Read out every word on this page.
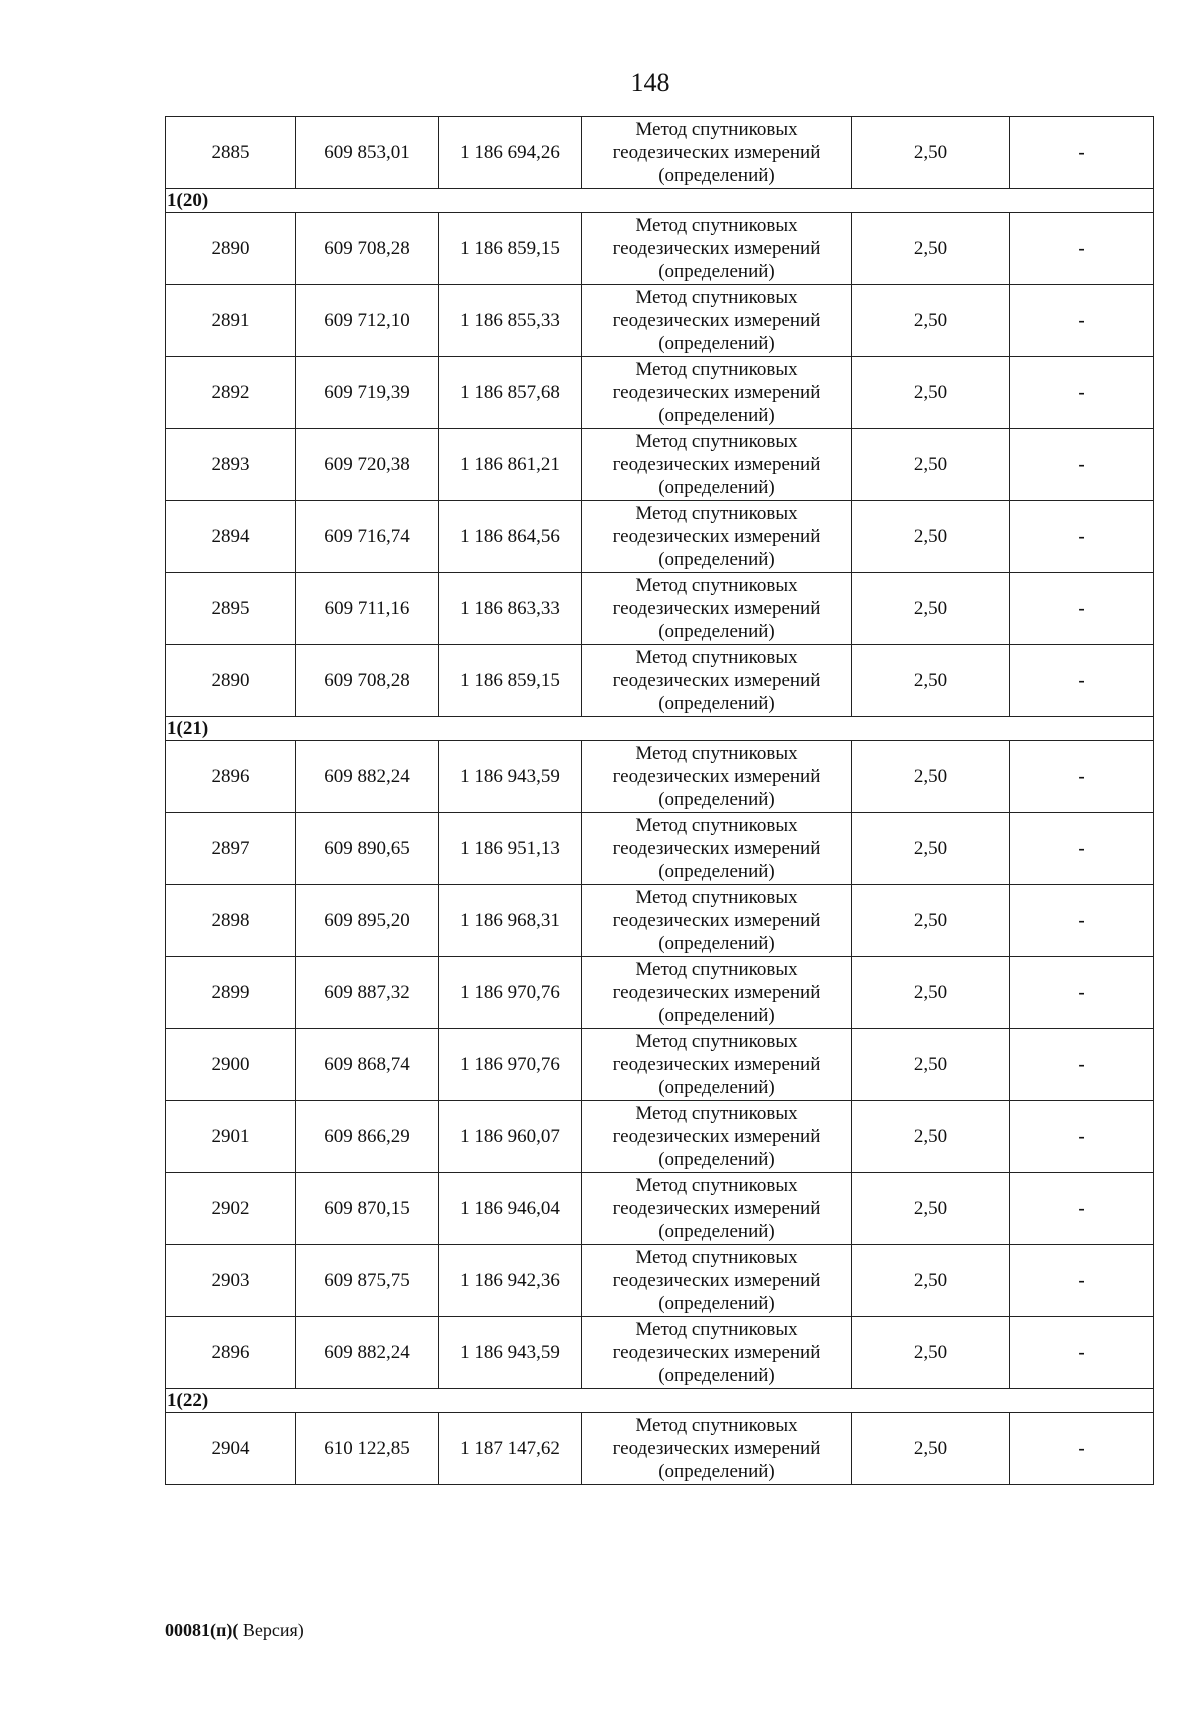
148
2885	609 853,01	1 186 694,26	Метод спутниковых
геодезических измерений
(определений)	2,50	-
1(20)					
2890	609 708,28	1 186 859,15	Метод спутниковых
геодезических измерений
(определений)	2,50	-
2891	609 712,10	1 186 855,33	Метод спутниковых
геодезических измерений
(определений)	2,50	-
2892	609 719,39	1 186 857,68	Метод спутниковых
геодезических измерений
(определений)	2,50	-
2893	609 720,38	1 186 861,21	Метод спутниковых
геодезических измерений
(определений)	2,50	-
2894	609 716,74	1 186 864,56	Метод спутниковых
геодезических измерений
(определений)	2,50	-
2895	609 711,16	1 186 863,33	Метод спутниковых
геодезических измерений
(определений)	2,50	-
2890	609 708,28	1 186 859,15	Метод спутниковых
геодезических измерений
(определений)	2,50	-
1(21)					
2896	609 882,24	1 186 943,59	Метод спутниковых
геодезических измерений
(определений)	2,50	-
2897	609 890,65	1 186 951,13	Метод спутниковых
геодезических измерений
(определений)	2,50	-
2898	609 895,20	1 186 968,31	Метод спутниковых
геодезических измерений
(определений)	2,50	-
2899	609 887,32	1 186 970,76	Метод спутниковых
геодезических измерений
(определений)	2,50	-
2900	609 868,74	1 186 970,76	Метод спутниковых
геодезических измерений
(определений)	2,50	-
2901	609 866,29	1 186 960,07	Метод спутниковых
геодезических измерений
(определений)	2,50	-
2902	609 870,15	1 186 946,04	Метод спутниковых
геодезических измерений
(определений)	2,50	-
2903	609 875,75	1 186 942,36	Метод спутниковых
геодезических измерений
(определений)	2,50	-
2896	609 882,24	1 186 943,59	Метод спутниковых
геодезических измерений
(определений)	2,50	-
1(22)					
2904	610 122,85	1 187 147,62	Метод спутниковых
геодезических измерений
(определений)	2,50	-
00081(п)( Версия)
